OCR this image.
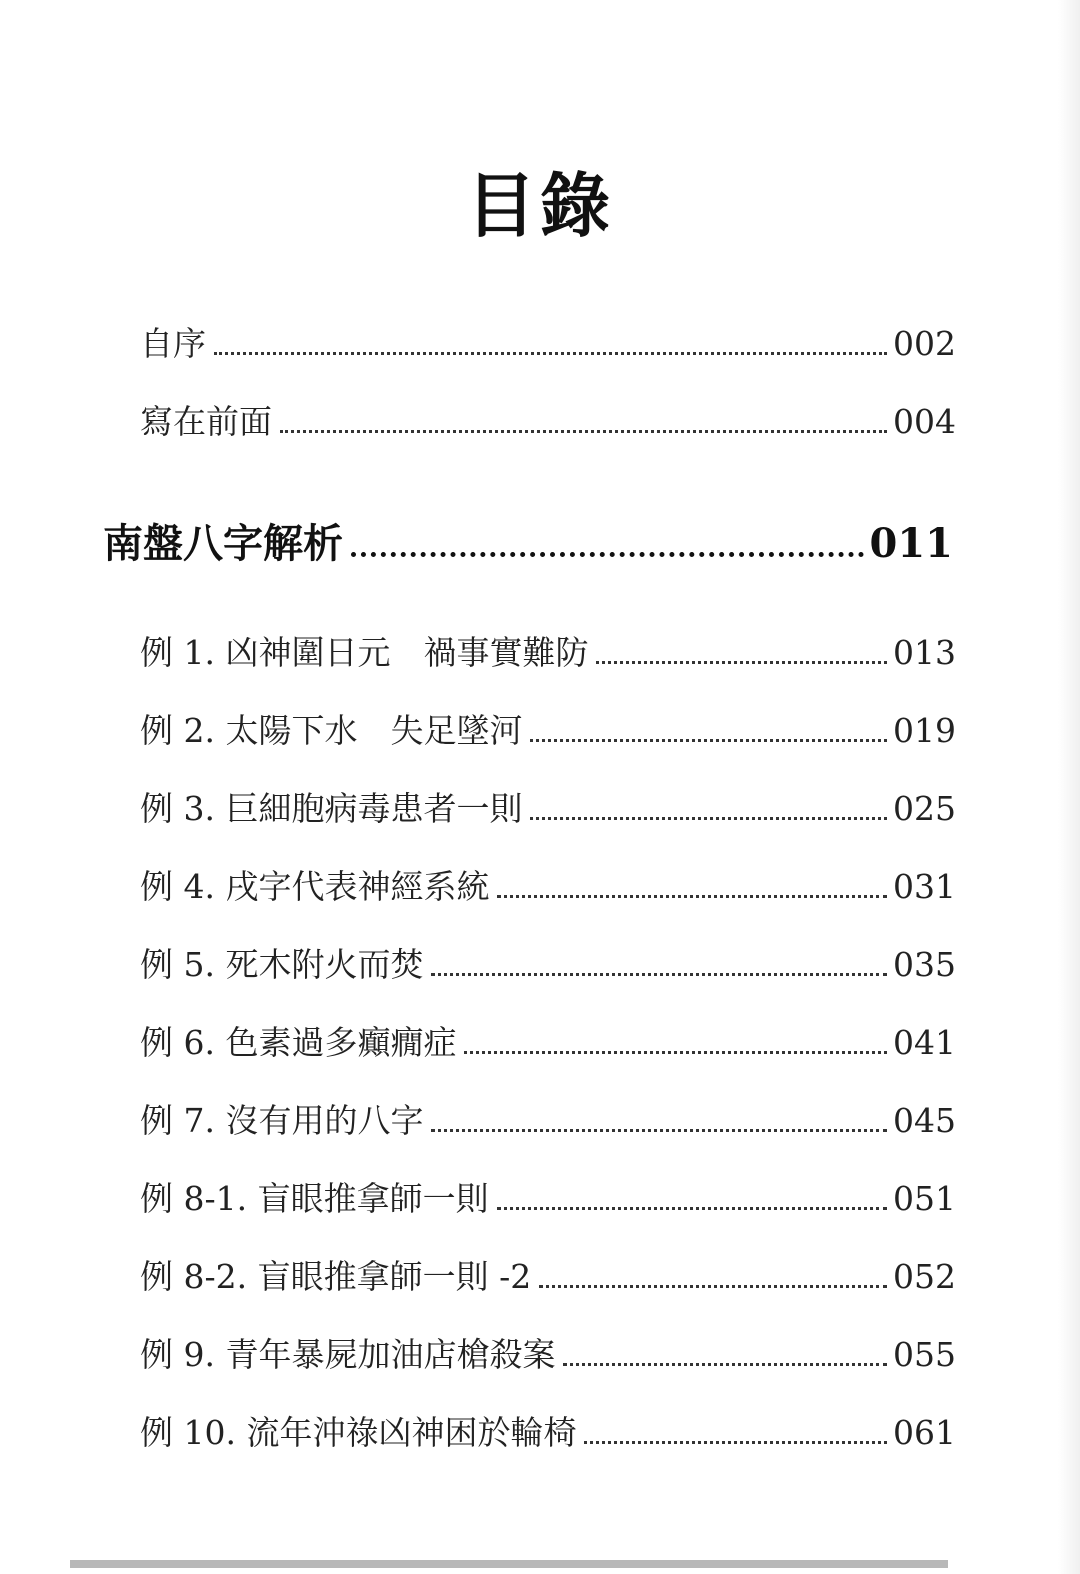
目錄
自序	002
寫在前面	004
南盤八字解析	011
例 1. 凶神圍日元　禍事實難防	013
例 2. 太陽下水　失足墜河	019
例 3. 巨細胞病毒患者一則	025
例 4. 戌字代表神經系統	031
例 5. 死木附火而焚	035
例 6. 色素過多癲癇症	041
例 7. 沒有用的八字	045
例 8-1. 盲眼推拿師一則	051
例 8-2. 盲眼推拿師一則 -2	052
例 9. 青年暴屍加油店槍殺案	055
例 10. 流年沖祿凶神困於輪椅	061
